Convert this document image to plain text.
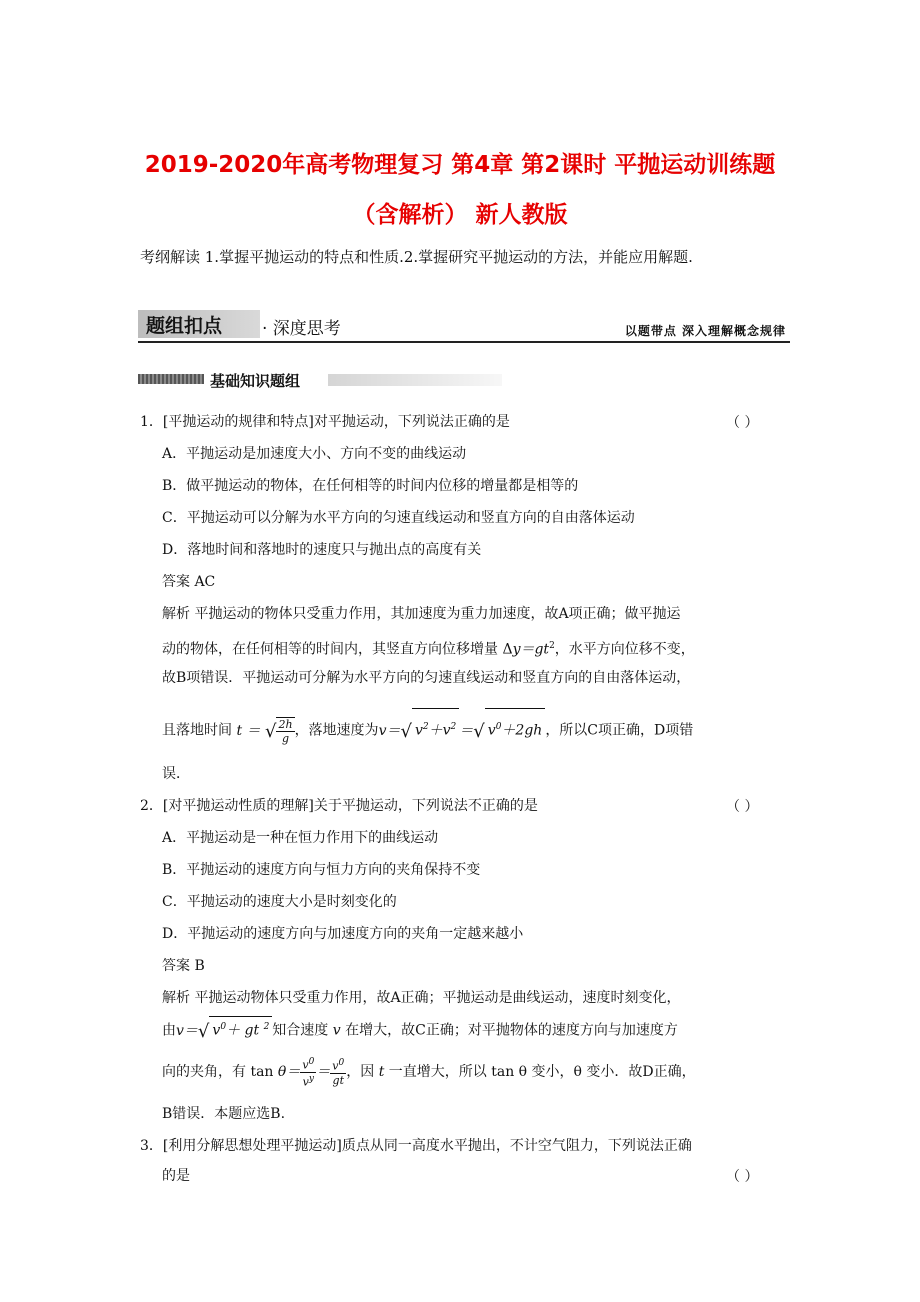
2019-2020年高考物理复习 第4章 第2课时 平抛运动训练题（含解析） 新人教版
考纲解读 1.掌握平抛运动的特点和性质.2.掌握研究平抛运动的方法，并能应用解题.
题组扣点 · 深度思考	以题带点 深入理解概念规律
基础知识题组
1．[平抛运动的规律和特点]对平抛运动，下列说法正确的是	（ ）
A．平抛运动是加速度大小、方向不变的曲线运动
B．做平抛运动的物体，在任何相等的时间内位移的增量都是相等的
C．平抛运动可以分解为水平方向的匀速直线运动和竖直方向的自由落体运动
D．落地时间和落地时的速度只与抛出点的高度有关
答案 AC
解析 平抛运动的物体只受重力作用，其加速度为重力加速度，故A项正确；做平抛运
动的物体，在任何相等的时间内，其竖直方向位移增量 $\Delta y=gt^2$，水平方向位移不变，
故B项错误．平抛运动可分解为水平方向的匀速直线运动和竖直方向的自由落体运动，
且落地时间 t ＝ √ $\frac{2h}{g}$ ，落地速度为v＝√ $v^2+v^2$ ＝√ $v^0+2gh$ ，所以C项正确，D项错
误．
2．[对平抛运动性质的理解]关于平抛运动，下列说法不正确的是	（ ）
A．平抛运动是一种在恒力作用下的曲线运动
B．平抛运动的速度方向与恒力方向的夹角保持不变
C．平抛运动的速度大小是时刻变化的
D．平抛运动的速度方向与加速度方向的夹角一定越来越小
答案 B
解析 平抛运动物体只受重力作用，故A正确；平抛运动是曲线运动，速度时刻变化，
由v＝√ $v^0+$ gt $^2$ 知合速度 v 在增大，故C正确；对平抛物体的速度方向与加速度方
向的夹角，有 $\tan \theta= \frac{v^0}{v^y} = \frac{v^0}{gt}$ ，因 t 一直增大，所以 tan θ 变小，θ 变小．故D正确，
B错误．本题应选B.
3．[利用分解思想处理平抛运动]质点从同一高度水平抛出，不计空气阻力，下列说法正确
的是	（ ）
